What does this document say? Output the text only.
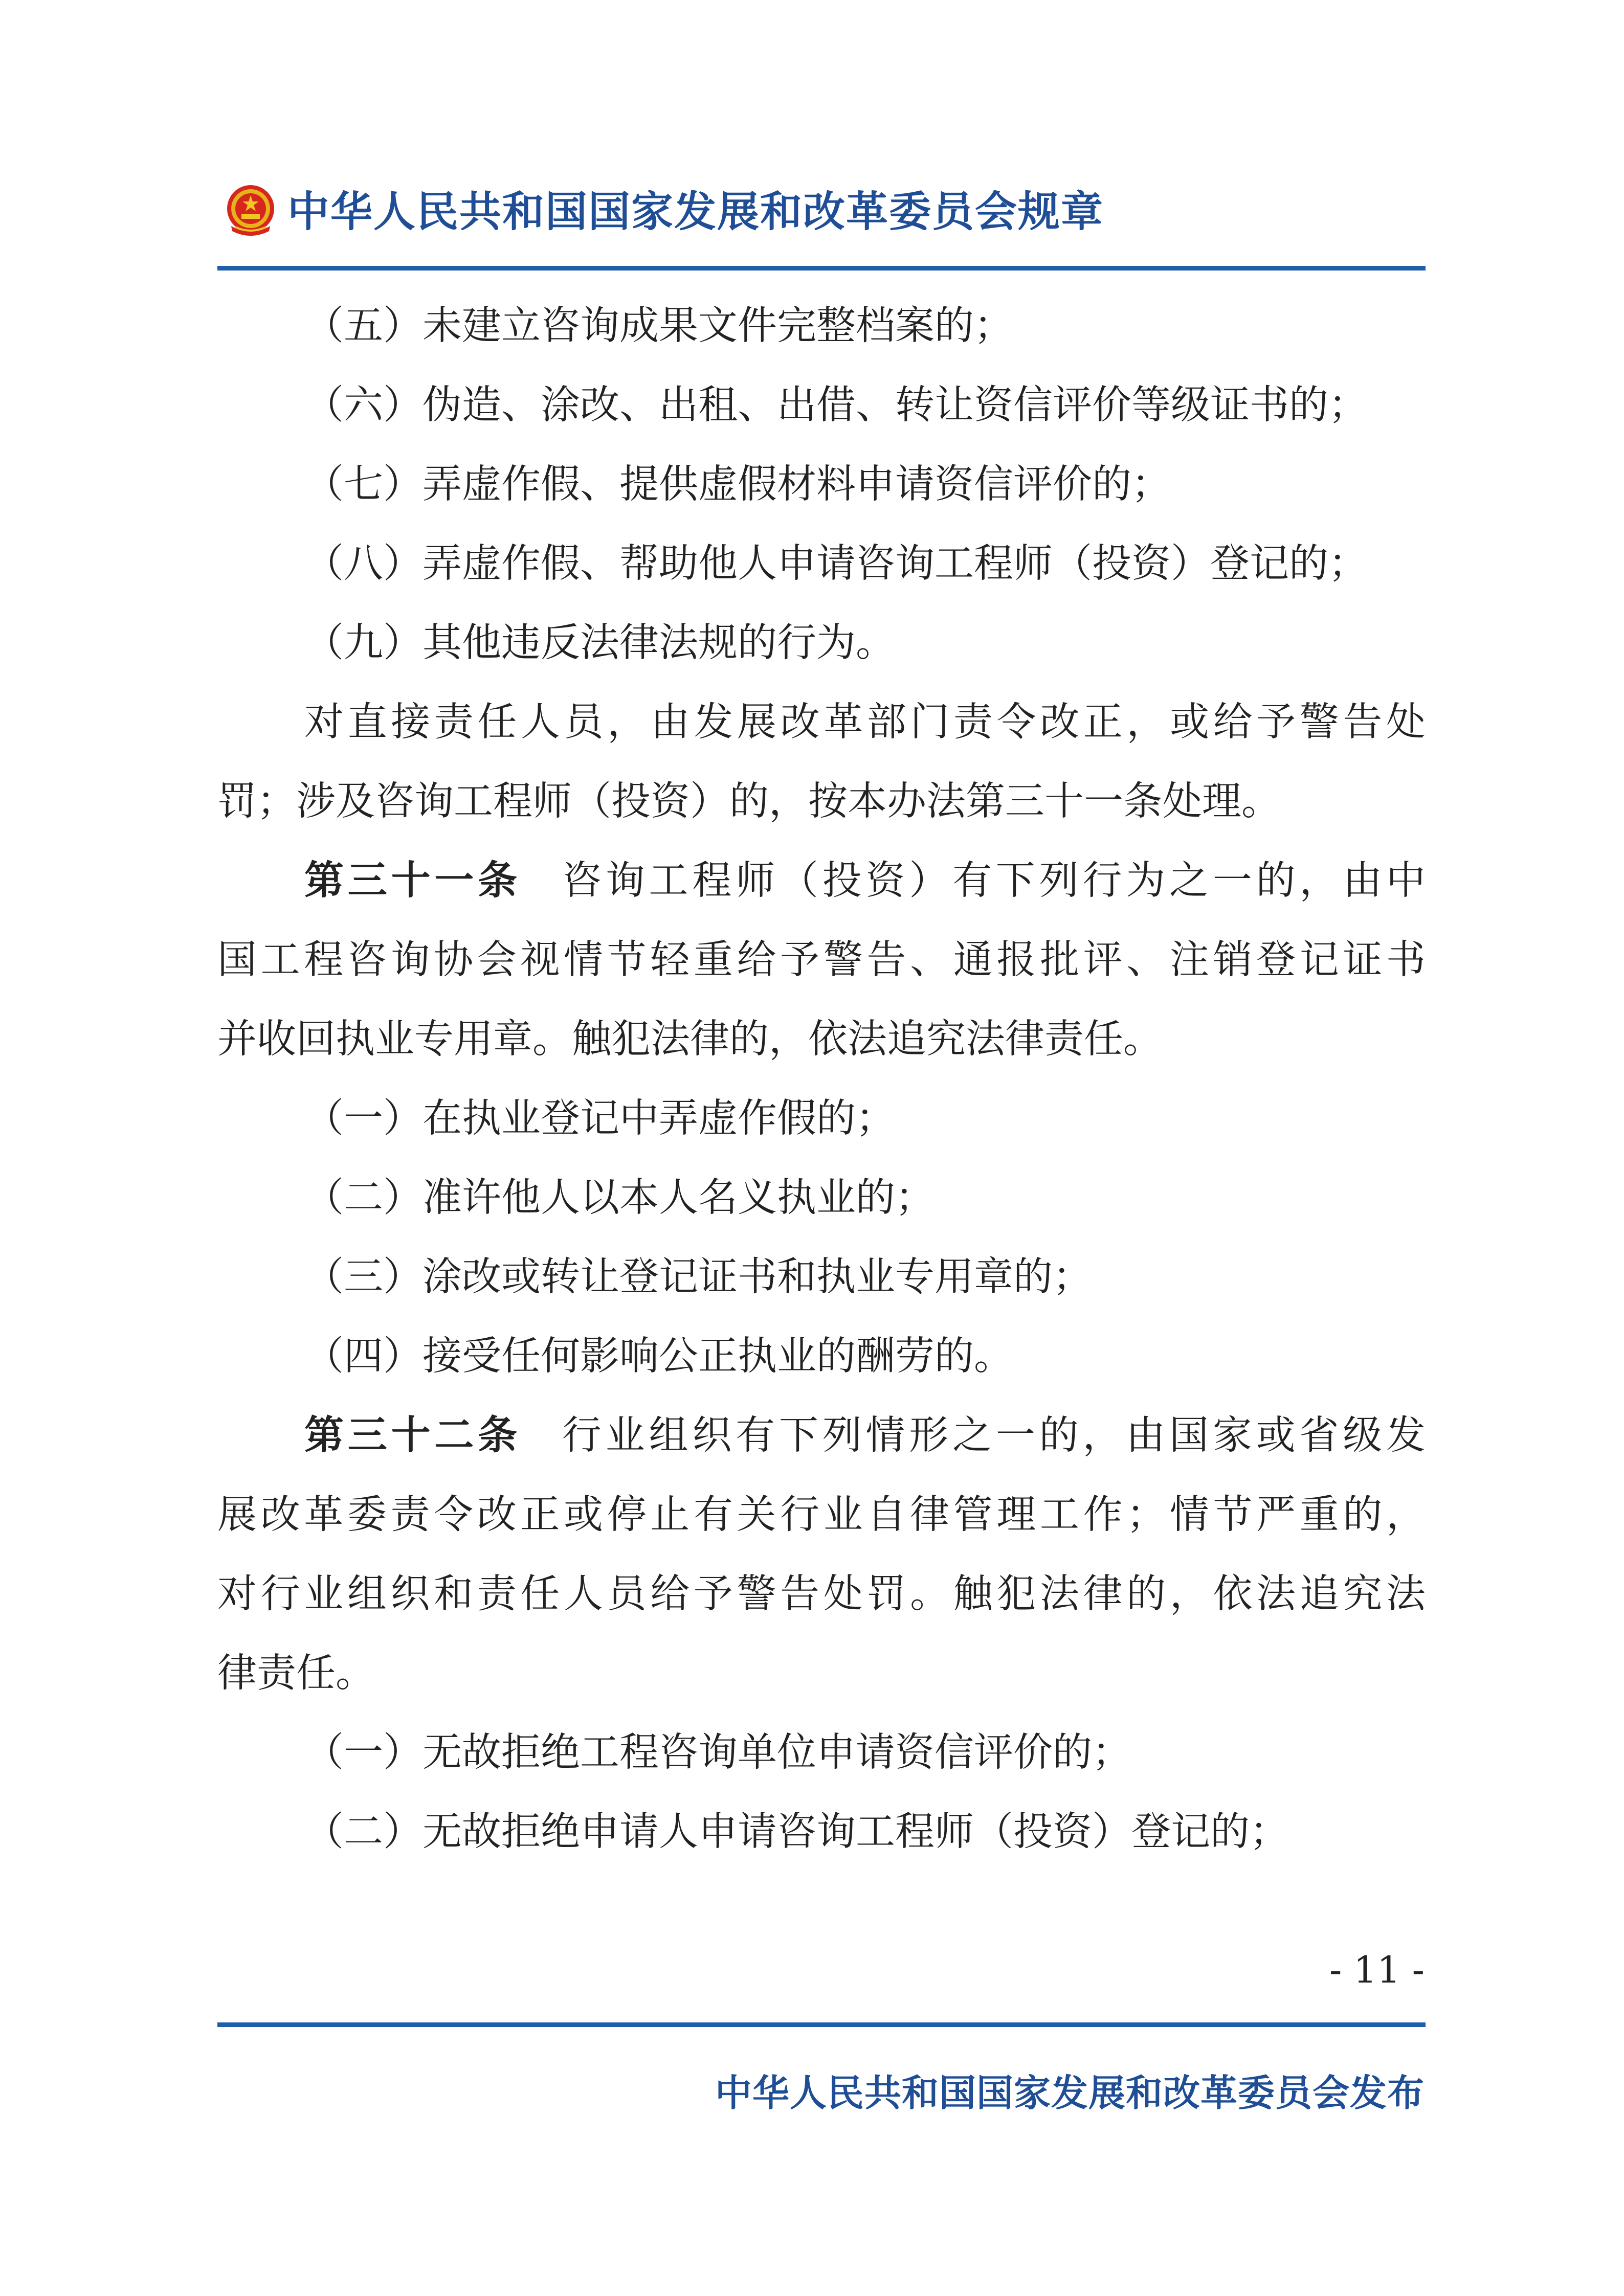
中华人民共和国国家发展和改革委员会规章

（五）未建立咨询成果文件完整档案的；

（六）伪造、涂改、出租、出借、转让资信评价等级证书的；

（七）弄虚作假、提供虚假材料申请资信评价的；

（八）弄虚作假、帮助他人申请咨询工程师（投资）登记的；

（九）其他违反法律法规的行为。

对直接责任人员，由发展改革部门责令改正，或给予警告处

罚；涉及咨询工程师（投资）的，按本办法第三十一条处理。

第三十一条 咨询工程师（投资）有下列行为之一的，由中

国工程咨询协会视情节轻重给予警告、通报批评、注销登记证书

并收回执业专用章。触犯法律的，依法追究法律责任。

（一）在执业登记中弄虚作假的；

（二）准许他人以本人名义执业的；

（三）涂改或转让登记证书和执业专用章的；

（四）接受任何影响公正执业的酬劳的。

第三十二条 行业组织有下列情形之一的，由国家或省级发

展改革委责令改正或停止有关行业自律管理工作；情节严重的，

对行业组织和责任人员给予警告处罚。触犯法律的，依法追究法

律责任。

（一）无故拒绝工程咨询单位申请资信评价的；

（二）无故拒绝申请人申请咨询工程师（投资）登记的；

- 11 -
中华人民共和国国家发展和改革委员会发布
